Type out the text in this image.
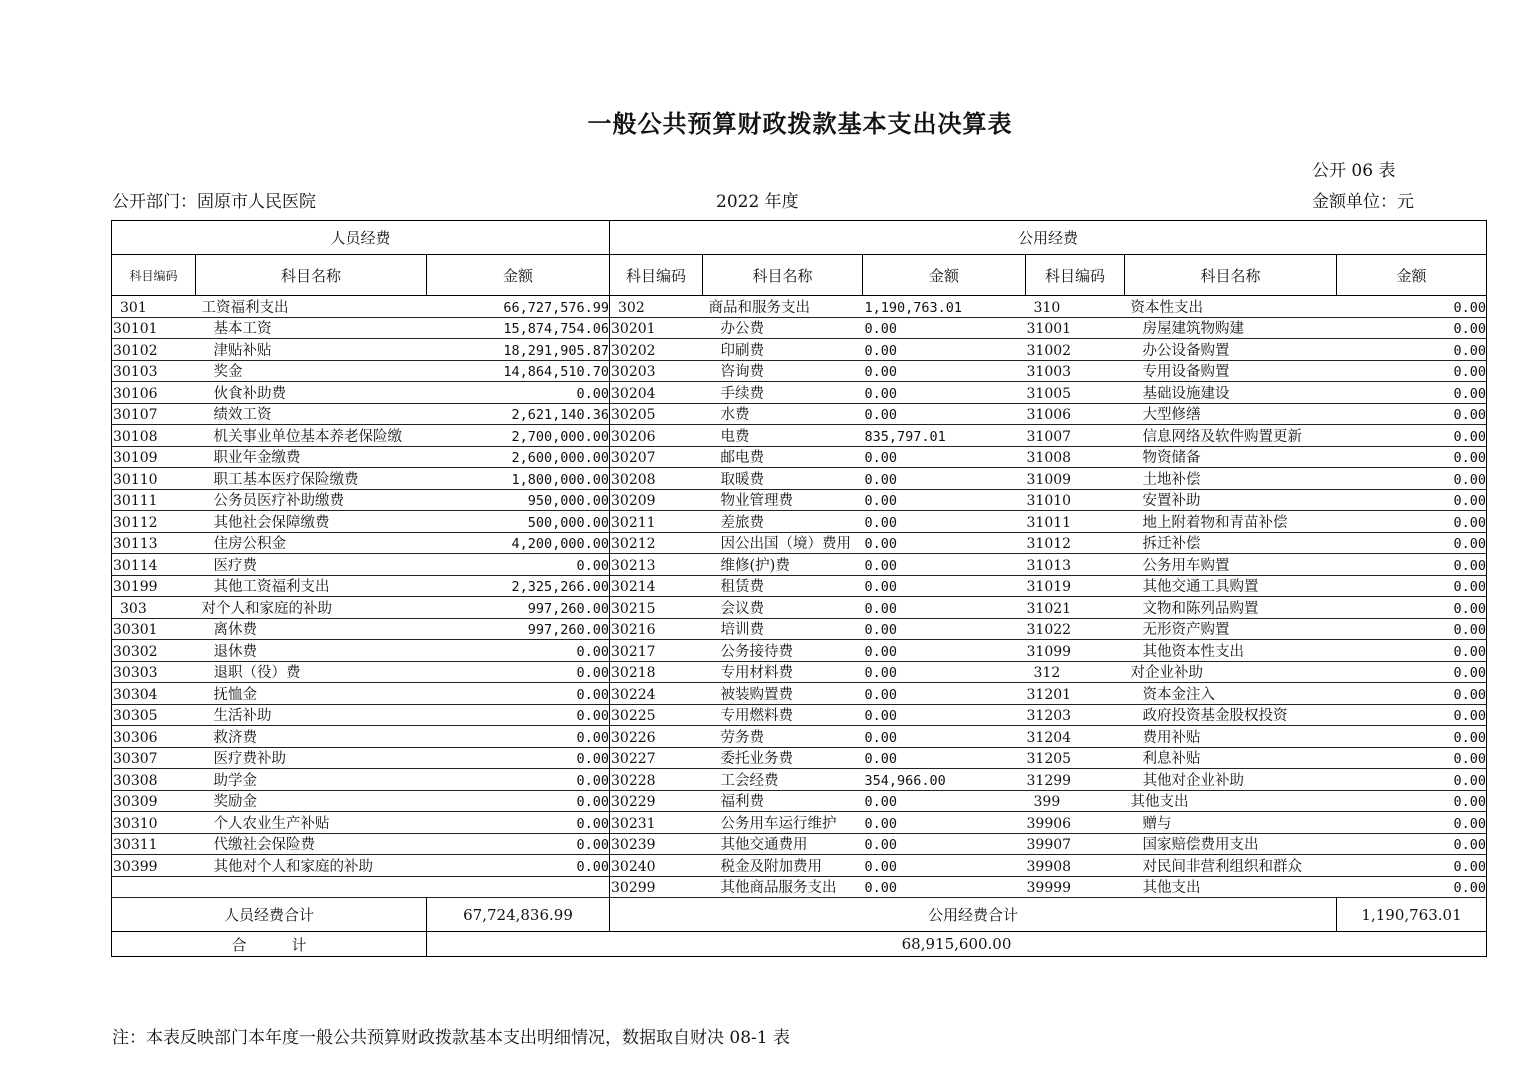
一般公共预算财政拨款基本支出决算表
公开 06 表
公开部门：固原市人民医院	2022 年度	金额单位：元
人员经费			公用经费					
科目编码	科目名称	金额	科目编码	科目名称	金额	科目编码	科目名称	金额
301	工资福利支出	66,727,576.99	302	商品和服务支出	1,190,763.01	310	资本性支出	0.00
30101	基本工资	15,874,754.06	30201	办公费	0.00	31001	房屋建筑物购建	0.00
30102	津贴补贴	18,291,905.87	30202	印刷费	0.00	31002	办公设备购置	0.00
30103	奖金	14,864,510.70	30203	咨询费	0.00	31003	专用设备购置	0.00
30106	伙食补助费	0.00	30204	手续费	0.00	31005	基础设施建设	0.00
30107	绩效工资	2,621,140.36	30205	水费	0.00	31006	大型修缮	0.00
30108	机关事业单位基本养老保险缴	2,700,000.00	30206	电费	835,797.01	31007	信息网络及软件购置更新	0.00
30109	职业年金缴费	2,600,000.00	30207	邮电费	0.00	31008	物资储备	0.00
30110	职工基本医疗保险缴费	1,800,000.00	30208	取暖费	0.00	31009	土地补偿	0.00
30111	公务员医疗补助缴费	950,000.00	30209	物业管理费	0.00	31010	安置补助	0.00
30112	其他社会保障缴费	500,000.00	30211	差旅费	0.00	31011	地上附着物和青苗补偿	0.00
30113	住房公积金	4,200,000.00	30212	因公出国（境）费用	0.00	31012	拆迁补偿	0.00
30114	医疗费	0.00	30213	维修(护)费	0.00	31013	公务用车购置	0.00
30199	其他工资福利支出	2,325,266.00	30214	租赁费	0.00	31019	其他交通工具购置	0.00
303	对个人和家庭的补助	997,260.00	30215	会议费	0.00	31021	文物和陈列品购置	0.00
30301	离休费	997,260.00	30216	培训费	0.00	31022	无形资产购置	0.00
30302	退休费	0.00	30217	公务接待费	0.00	31099	其他资本性支出	0.00
30303	退职（役）费	0.00	30218	专用材料费	0.00	312	对企业补助	0.00
30304	抚恤金	0.00	30224	被装购置费	0.00	31201	资本金注入	0.00
30305	生活补助	0.00	30225	专用燃料费	0.00	31203	政府投资基金股权投资	0.00
30306	救济费	0.00	30226	劳务费	0.00	31204	费用补贴	0.00
30307	医疗费补助	0.00	30227	委托业务费	0.00	31205	利息补贴	0.00
30308	助学金	0.00	30228	工会经费	354,966.00	31299	其他对企业补助	0.00
30309	奖励金	0.00	30229	福利费	0.00	399	其他支出	0.00
30310	个人农业生产补贴	0.00	30231	公务用车运行维护	0.00	39906	赠与	0.00
30311	代缴社会保险费	0.00	30239	其他交通费用	0.00	39907	国家赔偿费用支出	0.00
30399	其他对个人和家庭的补助	0.00	30240	税金及附加费用	0.00	39908	对民间非营利组织和群众	0.00
			30299	其他商品服务支出	0.00	39999	其他支出	0.00
人员经费合计		67,724,836.99	公用经费合计					1,190,763.01
合　　　计		68,915,600.00						
注：本表反映部门本年度一般公共预算财政拨款基本支出明细情况，数据取自财决 08-1 表
